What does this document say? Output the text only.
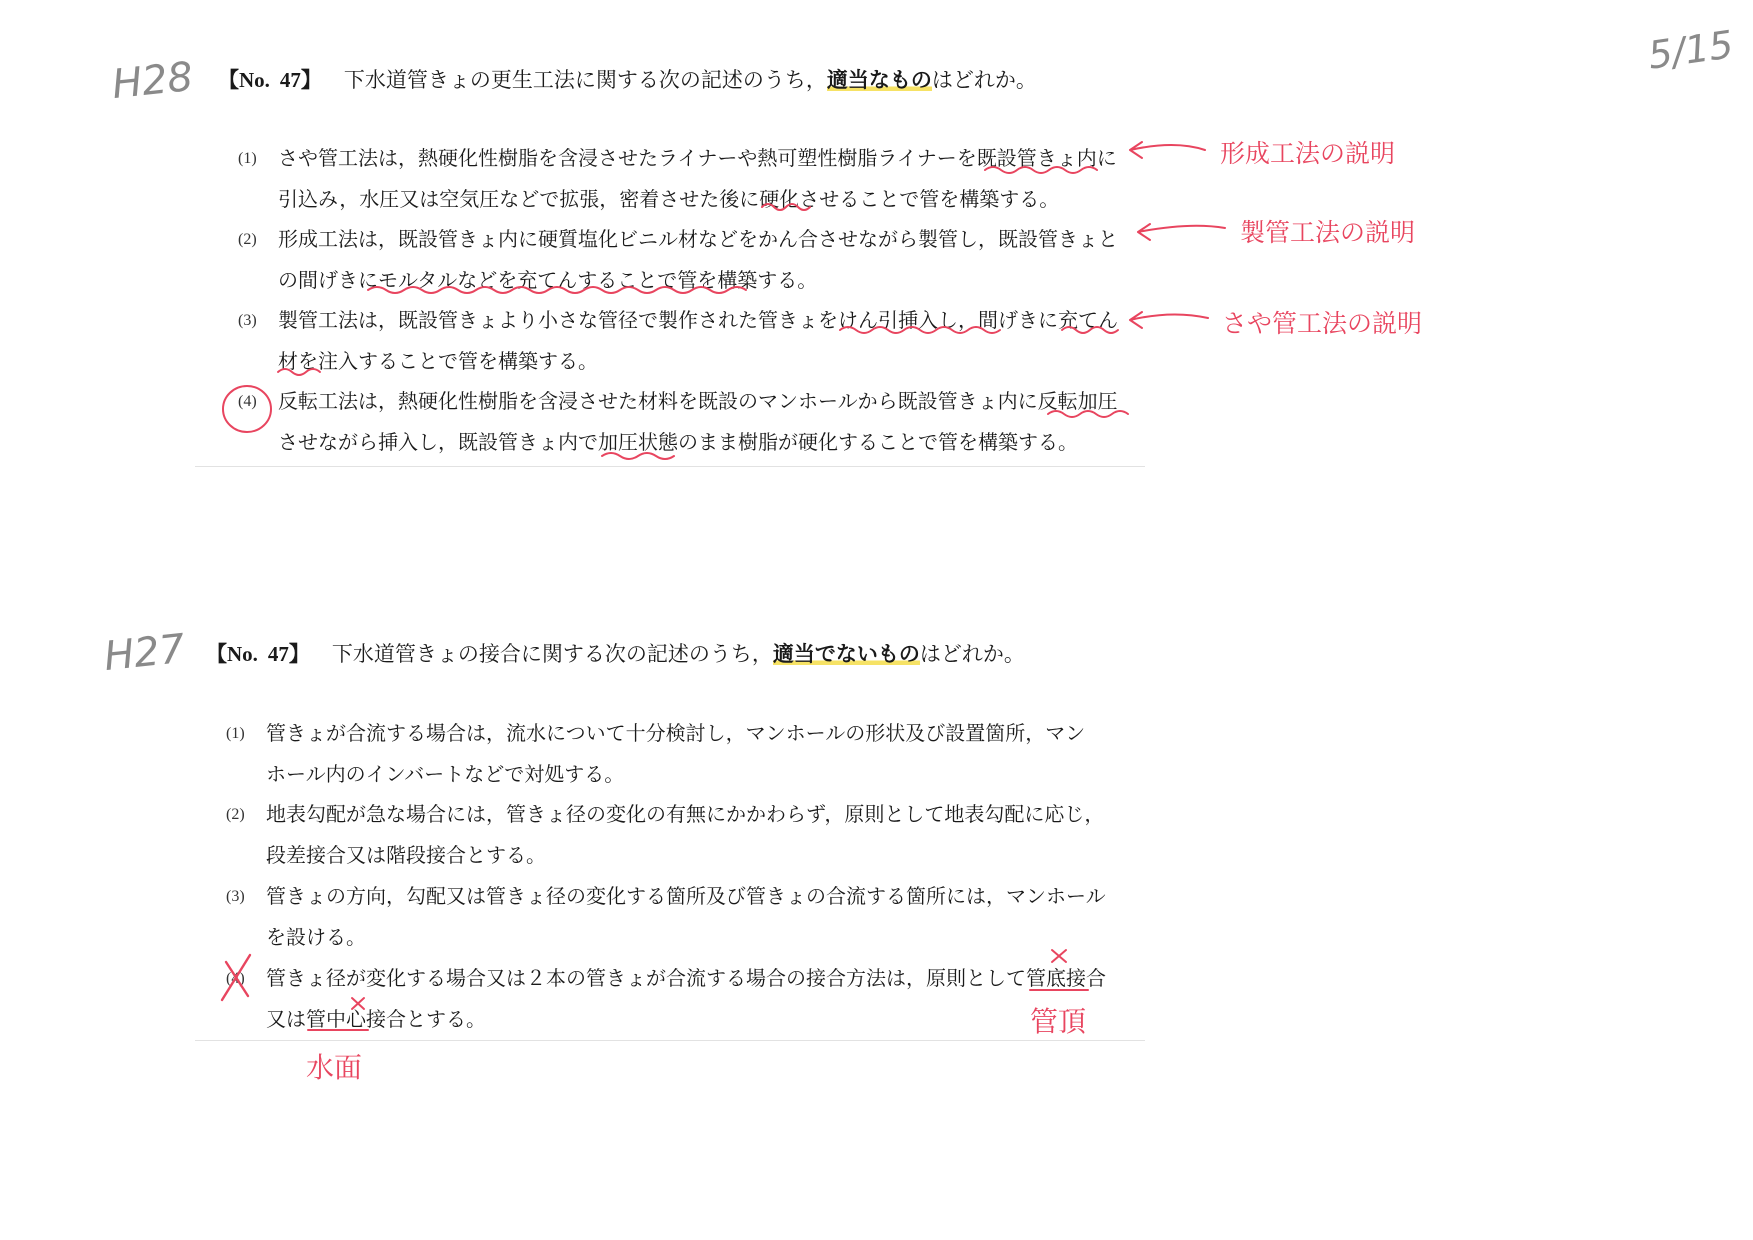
5/15
H28 【No. 47】 下水道管きょの更生工法に関する次の記述のうち，適当なものはどれか。
(1) さや管工法は，熱硬化性樹脂を含浸させたライナーや熱可塑性樹脂ライナーを既設管きょ内に
引込み，水圧又は空気圧などで拡張，密着させた後に硬化させることで管を構築する。
(2) 形成工法は，既設管きょ内に硬質塩化ビニル材などをかん合させながら製管し，既設管きょと
の間げきにモルタルなどを充てんすることで管を構築する。
(3) 製管工法は，既設管きょより小さな管径で製作された管きょをけん引挿入し，間げきに充てん
材を注入することで管を構築する。
(4) 反転工法は，熱硬化性樹脂を含浸させた材料を既設のマンホールから既設管きょ内に反転加圧
させながら挿入し，既設管きょ内で加圧状態のまま樹脂が硬化することで管を構築する。
形成工法の説明
製管工法の説明
さや管工法の説明
H27 【No. 47】 下水道管きょの接合に関する次の記述のうち，適当でないものはどれか。
(1) 管きょが合流する場合は，流水について十分検討し，マンホールの形状及び設置箇所，マン
ホール内のインバートなどで対処する。
(2) 地表勾配が急な場合には，管きょ径の変化の有無にかかわらず，原則として地表勾配に応じ，
段差接合又は階段接合とする。
(3) 管きょの方向，勾配又は管きょ径の変化する箇所及び管きょの合流する箇所には，マンホール
を設ける。
(4) 管きょ径が変化する場合又は２本の管きょが合流する場合の接合方法は，原則として管底接合
又は管中心接合とする。	管頂
水面
